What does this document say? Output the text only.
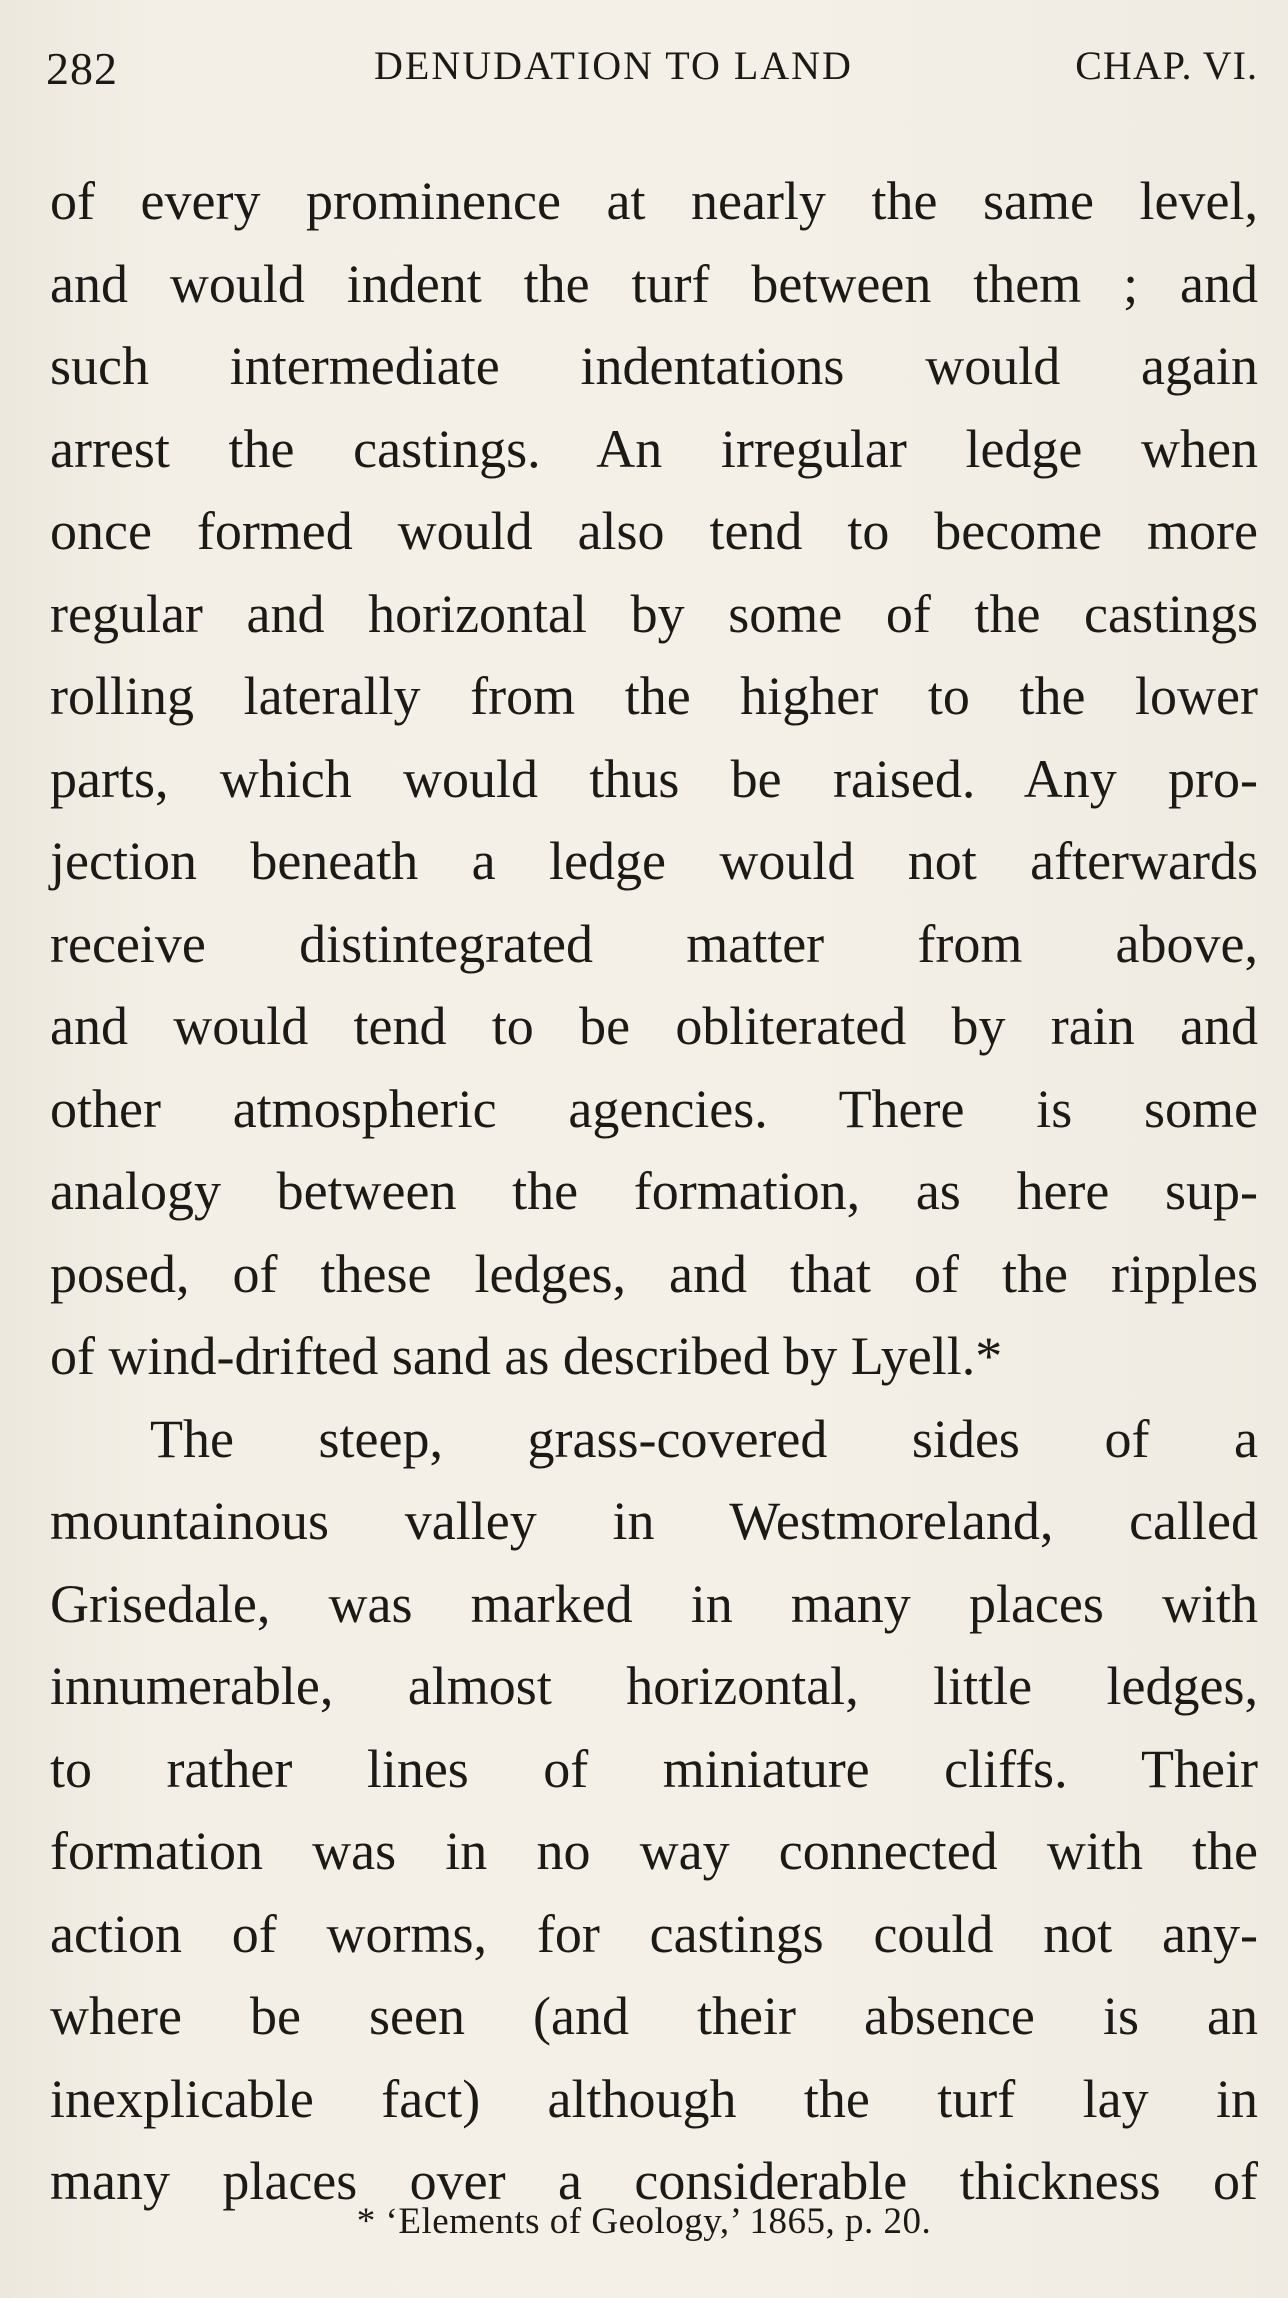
282	DENUDATION TO LAND	CHAP. VI.
of every prominence at nearly the same level,
and would indent the turf between them ; and
such intermediate indentations would again
arrest the castings. An irregular ledge when
once formed would also tend to become more
regular and horizontal by some of the castings
rolling laterally from the higher to the lower
parts, which would thus be raised. Any pro-
jection beneath a ledge would not afterwards
receive distintegrated matter from above,
and would tend to be obliterated by rain and
other atmospheric agencies. There is some
analogy between the formation, as here sup-
posed, of these ledges, and that of the ripples
of wind-drifted sand as described by Lyell.*
The steep, grass-covered sides of a
mountainous valley in Westmoreland, called
Grisedale, was marked in many places with
innumerable, almost horizontal, little ledges,
to rather lines of miniature cliffs. Their
formation was in no way connected with the
action of worms, for castings could not any-
where be seen (and their absence is an
inexplicable fact) although the turf lay in
many places over a considerable thickness of
* ‘Elements of Geology,’ 1865, p. 20.
